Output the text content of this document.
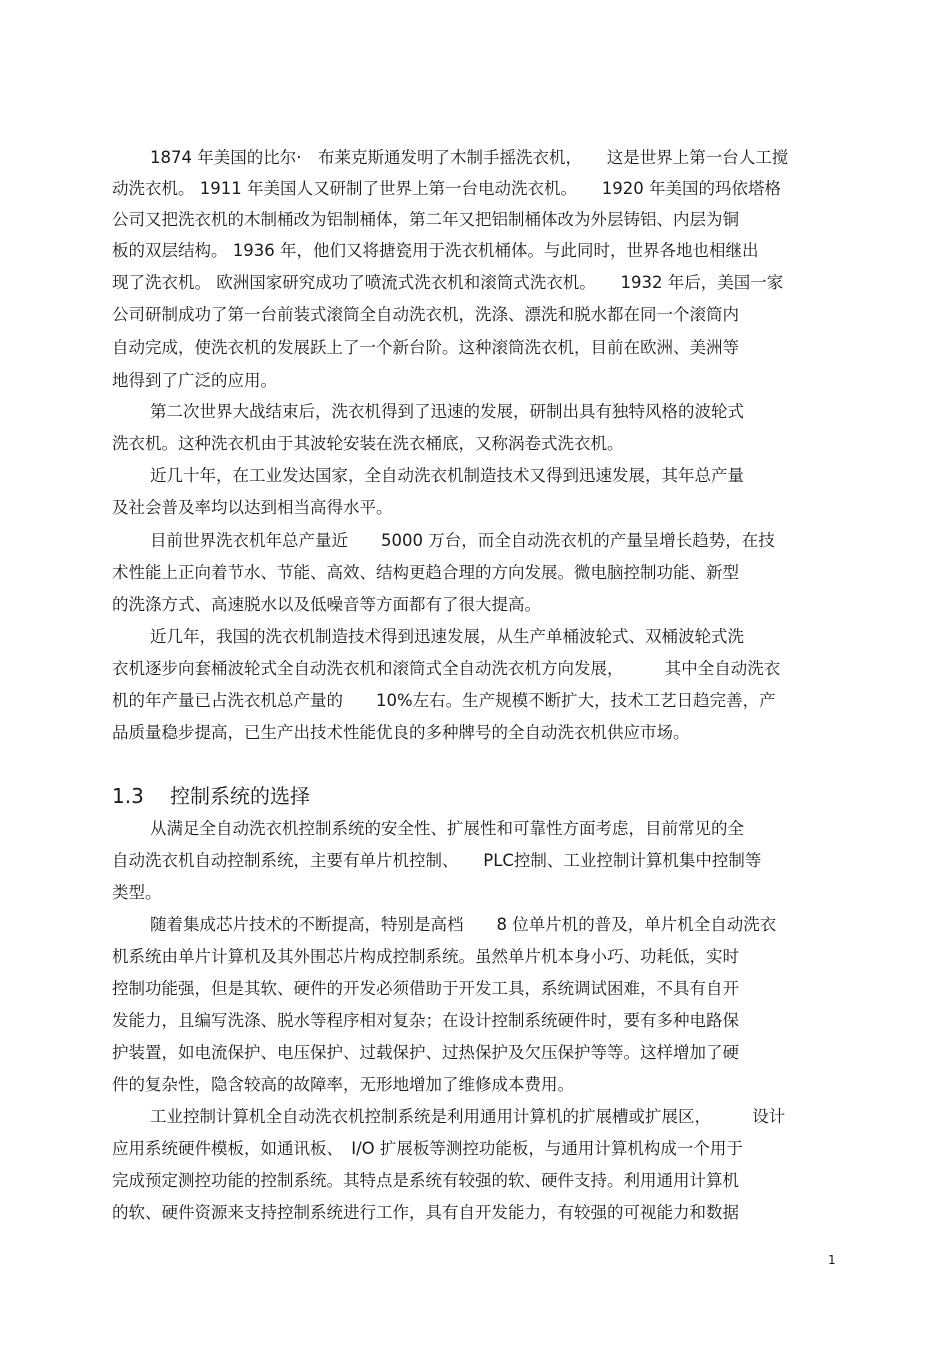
1874 年美国的比尔·　布莱克斯通发明了木制手摇洗衣机，　　这是世界上第一台人工搅
动洗衣机。 1911 年美国人又研制了世界上第一台电动洗衣机。　　1920 年美国的玛依塔格
公司又把洗衣机的木制桶改为铝制桶体，第二年又把铝制桶体改为外层铸铝、内层为铜
板的双层结构。 1936 年，他们又将搪瓷用于洗衣机桶体。与此同时，世界各地也相继出
现了洗衣机。 欧洲国家研究成功了喷流式洗衣机和滚筒式洗衣机。　　1932 年后，美国一家
公司研制成功了第一台前装式滚筒全自动洗衣机，洗涤、漂洗和脱水都在同一个滚筒内
自动完成，使洗衣机的发展跃上了一个新台阶。这种滚筒洗衣机，目前在欧洲、美洲等
地得到了广泛的应用。
第二次世界大战结束后，洗衣机得到了迅速的发展，研制出具有独特风格的波轮式
洗衣机。这种洗衣机由于其波轮安装在洗衣桶底，又称涡卷式洗衣机。
近几十年，在工业发达国家，全自动洗衣机制造技术又得到迅速发展，其年总产量
及社会普及率均以达到相当高得水平。
目前世界洗衣机年总产量近　　5000 万台，而全自动洗衣机的产量呈增长趋势，在技
术性能上正向着节水、节能、高效、结构更趋合理的方向发展。微电脑控制功能、新型
的洗涤方式、高速脱水以及低噪音等方面都有了很大提高。
近几年，我国的洗衣机制造技术得到迅速发展，从生产单桶波轮式、双桶波轮式洗
衣机逐步向套桶波轮式全自动洗衣机和滚筒式全自动洗衣机方向发展，　　　其中全自动洗衣
机的年产量已占洗衣机总产量的　　10%左右。生产规模不断扩大，技术工艺日趋完善，产
品质量稳步提高，已生产出技术性能优良的多种牌号的全自动洗衣机供应市场。
1.3 控制系统的选择
从满足全自动洗衣机控制系统的安全性、扩展性和可靠性方面考虑，目前常见的全
自动洗衣机自动控制系统，主要有单片机控制、　　PLC控制、工业控制计算机集中控制等
类型。
随着集成芯片技术的不断提高，特别是高档　　8 位单片机的普及，单片机全自动洗衣
机系统由单片计算机及其外围芯片构成控制系统。虽然单片机本身小巧、功耗低，实时
控制功能强，但是其软、硬件的开发必须借助于开发工具，系统调试困难，不具有自开
发能力，且编写洗涤、脱水等程序相对复杂；在设计控制系统硬件时，要有多种电路保
护装置，如电流保护、电压保护、过载保护、过热保护及欠压保护等等。这样增加了硬
件的复杂性，隐含较高的故障率，无形地增加了维修成本费用。
工业控制计算机全自动洗衣机控制系统是利用通用计算机的扩展槽或扩展区，　　　设计
应用系统硬件模板，如通讯板、　I/O 扩展板等测控功能板，与通用计算机构成一个用于
完成预定测控功能的控制系统。其特点是系统有较强的软、硬件支持。利用通用计算机
的软、硬件资源来支持控制系统进行工作，具有自开发能力，有较强的可视能力和数据
1
